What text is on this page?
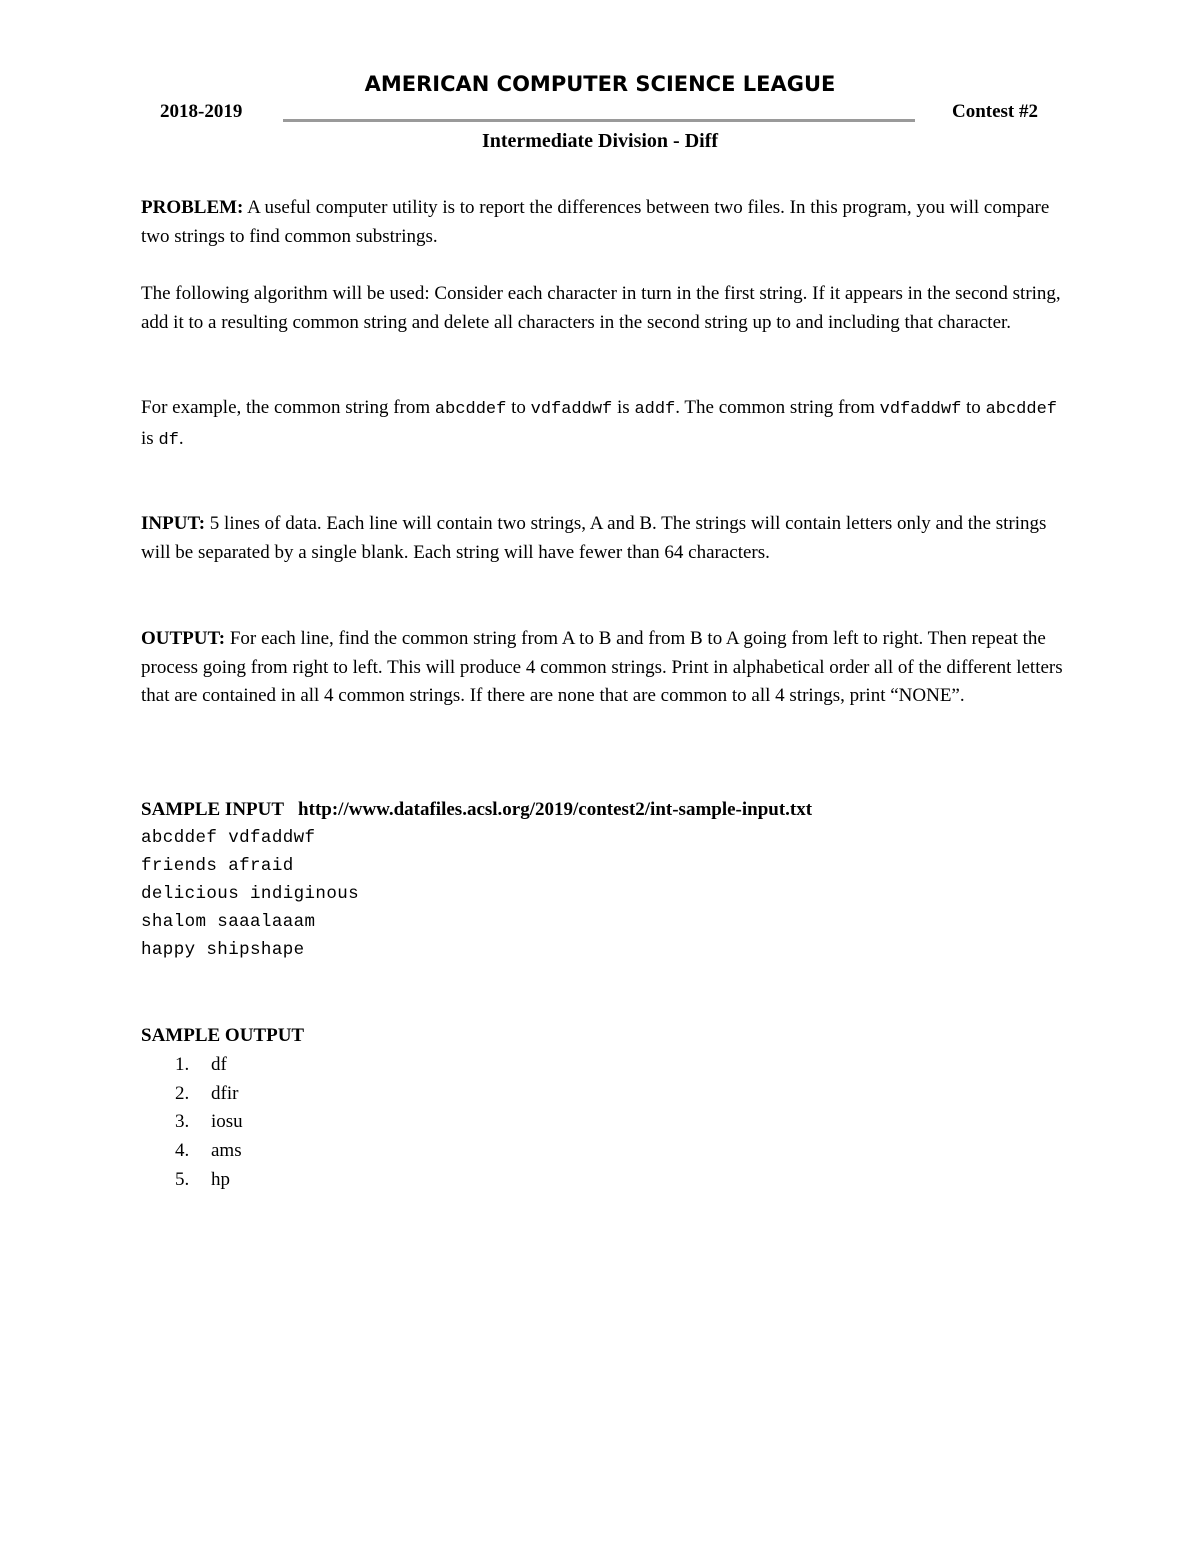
AMERICAN COMPUTER SCIENCE LEAGUE
2018-2019	Contest #2
Intermediate Division - Diff
PROBLEM: A useful computer utility is to report the differences between two files. In this program, you will compare two strings to find common substrings.
The following algorithm will be used: Consider each character in turn in the first string. If it appears in the second string, add it to a resulting common string and delete all characters in the second string up to and including that character.
For example, the common string from abcddef to vdfaddwf is addf. The common string from vdfaddwf to abcddef is df.
INPUT: 5 lines of data. Each line will contain two strings, A and B. The strings will contain letters only and the strings will be separated by a single blank. Each string will have fewer than 64 characters.
OUTPUT: For each line, find the common string from A to B and from B to A going from left to right. Then repeat the process going from right to left. This will produce 4 common strings. Print in alphabetical order all of the different letters that are contained in all 4 common strings. If there are none that are common to all 4 strings, print “NONE”.
SAMPLE INPUT http://www.datafiles.acsl.org/2019/contest2/int-sample-input.txt
abcddef vdfaddwf
friends afraid
delicious indiginous
shalom saaalaaam
happy shipshape
SAMPLE OUTPUT
1. df
2. dfir
3. iosu
4. ams
5. hp
